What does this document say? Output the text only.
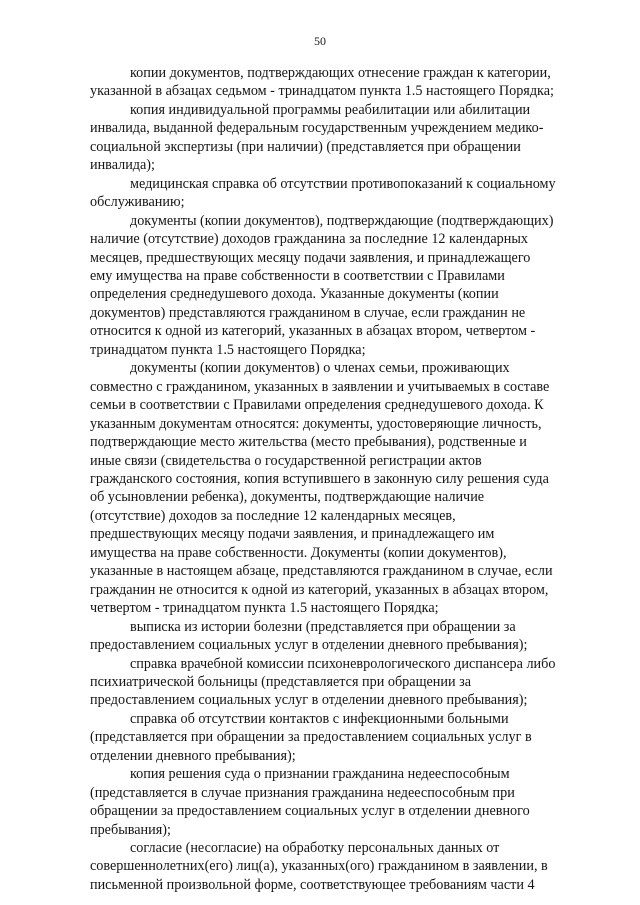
50

копии документов, подтверждающих отнесение граждан к категории,
указанной в абзацах седьмом - тринадцатом пункта 1.5 настоящего Порядка;

копия индивидуальной программы реабилитации или абилитации
инвалида, выданной федеральным государственным учреждением медико-
социальной экспертизы (при наличии) (представляется при обращении
инвалида);

медицинская справка об отсутствии противопоказаний к социальному
обслуживанию;

документы (копии документов), подтверждающие (подтверждающих)
наличие (отсутствие) доходов гражданина за последние 12 календарных
месяцев, предшествующих месяцу подачи заявления, и принадлежащего
ему имущества на праве собственности в соответствии с Правилами
определения среднедушевого дохода. Указанные документы (копии
документов) представляются гражданином в случае, если гражданин не
относится к одной из категорий, указанных в абзацах втором, четвертом -
тринадцатом пункта 1.5 настоящего Порядка;

документы (копии документов) о членах семьи, проживающих
совместно с гражданином, указанных в заявлении и учитываемых в составе
семьи в соответствии с Правилами определения среднедушевого дохода. К
указанным документам относятся: документы, удостоверяющие личность,
подтверждающие место жительства (место пребывания), родственные и
иные связи (свидетельства о государственной регистрации актов
гражданского состояния, копия вступившего в законную силу решения суда
об усыновлении ребенка), документы, подтверждающие наличие
(отсутствие) доходов за последние 12 календарных месяцев,
предшествующих месяцу подачи заявления, и принадлежащего им
имущества на праве собственности. Документы (копии документов),
указанные в настоящем абзаце, представляются гражданином в случае, если
гражданин не относится к одной из категорий, указанных в абзацах втором,
четвертом - тринадцатом пункта 1.5 настоящего Порядка;

выписка из истории болезни (представляется при обращении за
предоставлением социальных услуг в отделении дневного пребывания);

справка врачебной комиссии психоневрологического диспансера либо
психиатрической больницы (представляется при обращении за
предоставлением социальных услуг в отделении дневного пребывания);

справка об отсутствии контактов с инфекционными больными
(представляется при обращении за предоставлением социальных услуг в
отделении дневного пребывания);

копия решения суда о признании гражданина недееспособным
(представляется в случае признания гражданина недееспособным при
обращении за предоставлением социальных услуг в отделении дневного
пребывания);

согласие (несогласие) на обработку персональных данных от
совершеннолетних(его) лиц(а), указанных(ого) гражданином в заявлении, в
письменной произвольной форме, соответствующее требованиям части 4
